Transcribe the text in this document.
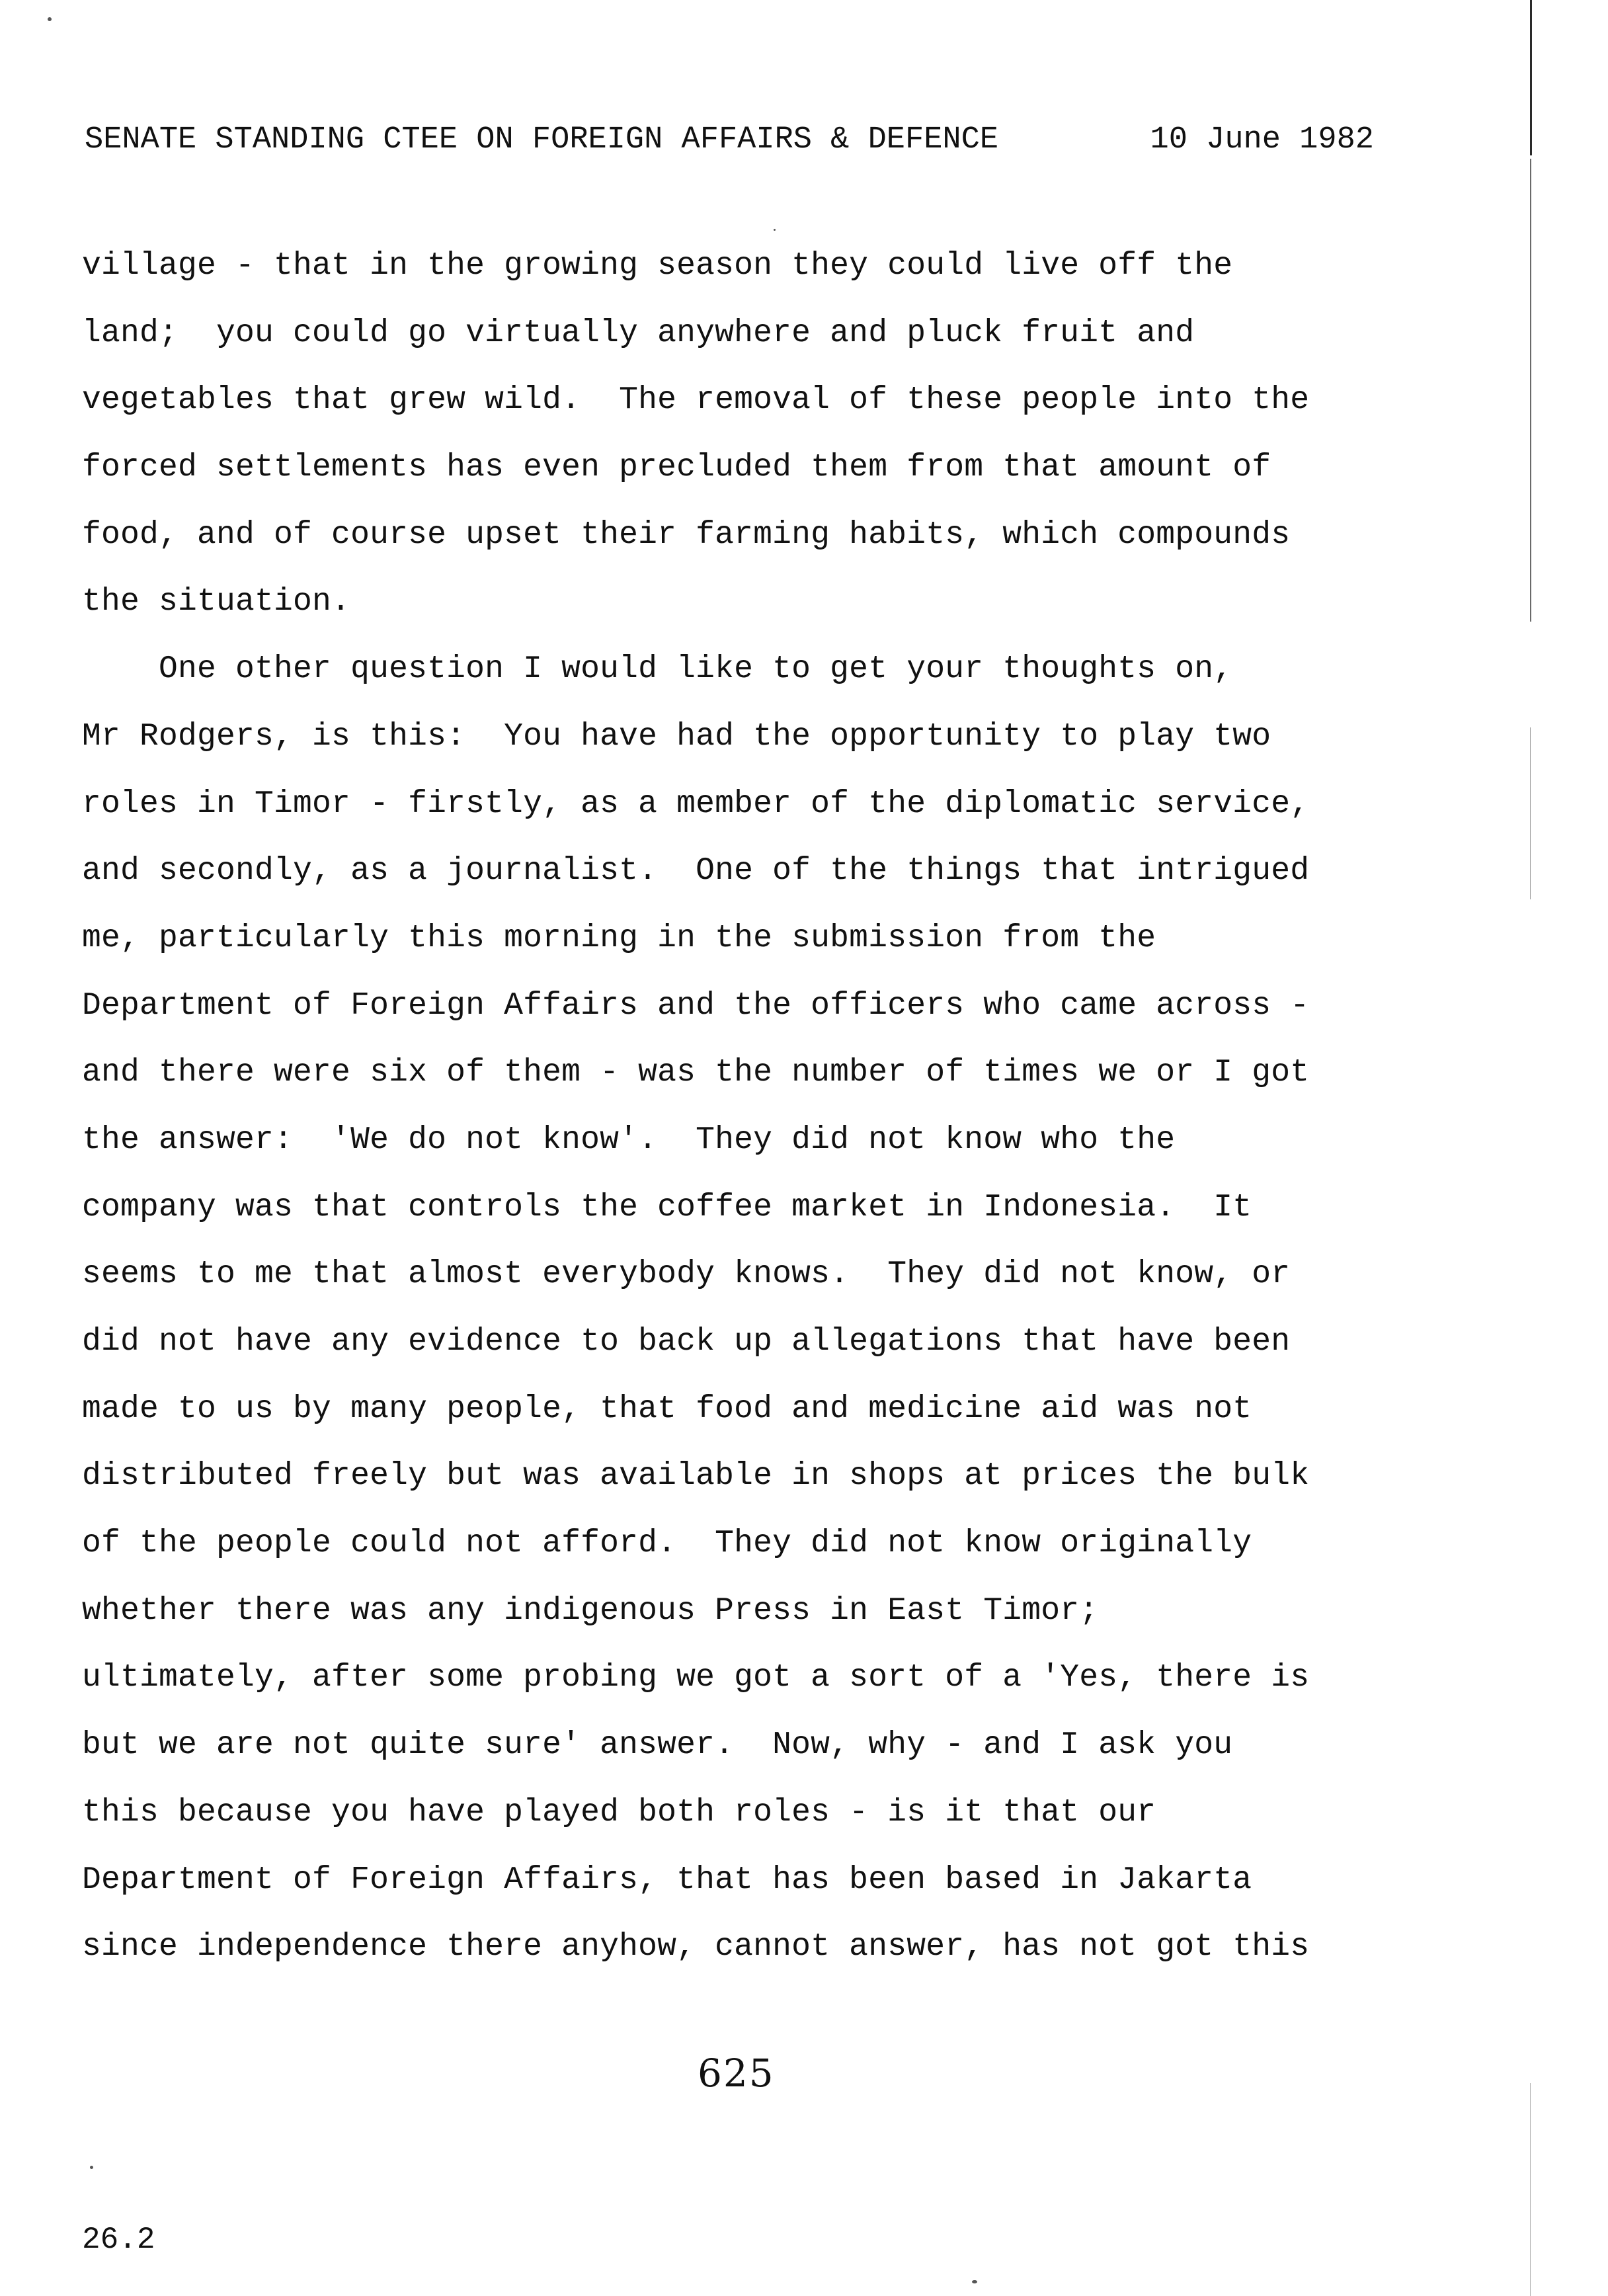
SENATE STANDING CTEE ON FOREIGN AFFAIRS & DEFENCE	10 June 1982
village - that in the growing season they could live off the
land;  you could go virtually anywhere and pluck fruit and
vegetables that grew wild.  The removal of these people into the
forced settlements has even precluded them from that amount of
food, and of course upset their farming habits, which compounds
the situation.
One other question I would like to get your thoughts on,
Mr Rodgers, is this:  You have had the opportunity to play two
roles in Timor - firstly, as a member of the diplomatic service,
and secondly, as a journalist.  One of the things that intrigued
me, particularly this morning in the submission from the
Department of Foreign Affairs and the officers who came across -
and there were six of them - was the number of times we or I got
the answer:  'We do not know'.  They did not know who the
company was that controls the coffee market in Indonesia.  It
seems to me that almost everybody knows.  They did not know, or
did not have any evidence to back up allegations that have been
made to us by many people, that food and medicine aid was not
distributed freely but was available in shops at prices the bulk
of the people could not afford.  They did not know originally
whether there was any indigenous Press in East Timor;
ultimately, after some probing we got a sort of a 'Yes, there is
but we are not quite sure' answer.  Now, why - and I ask you
this because you have played both roles - is it that our
Department of Foreign Affairs, that has been based in Jakarta
since independence there anyhow, cannot answer, has not got this
625
26.2
